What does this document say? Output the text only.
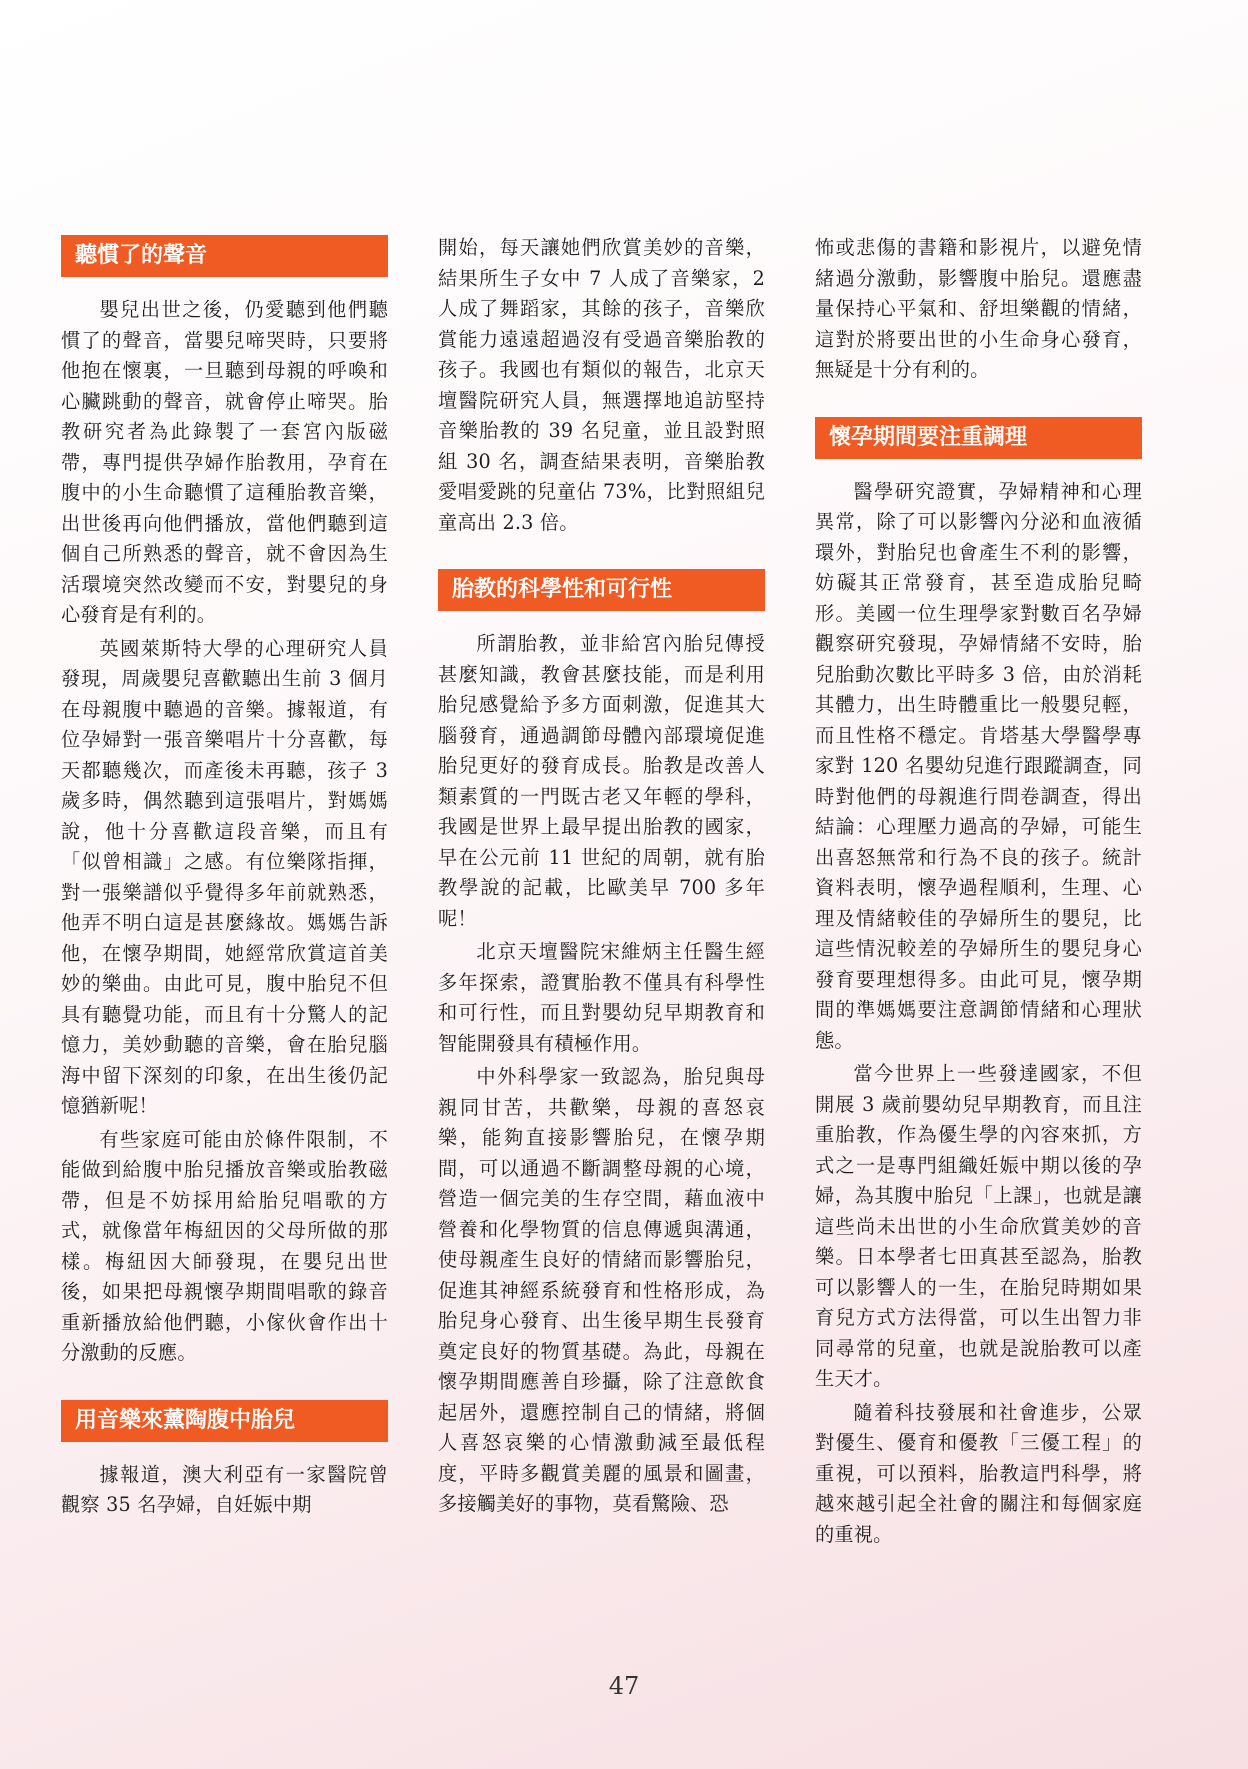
聽慣了的聲音

嬰兒出世之後，仍愛聽到他們聽慣了的聲音，當嬰兒啼哭時，只要將他抱在懷裏，一旦聽到母親的呼喚和心臟跳動的聲音，就會停止啼哭。胎教研究者為此錄製了一套宮內版磁帶，專門提供孕婦作胎教用，孕育在腹中的小生命聽慣了這種胎教音樂，出世後再向他們播放，當他們聽到這個自己所熟悉的聲音，就不會因為生活環境突然改變而不安，對嬰兒的身心發育是有利的。

英國萊斯特大學的心理研究人員發現，周歲嬰兒喜歡聽出生前 3 個月在母親腹中聽過的音樂。據報道，有位孕婦對一張音樂唱片十分喜歡，每天都聽幾次，而產後未再聽，孩子 3 歲多時，偶然聽到這張唱片，對媽媽說，他十分喜歡這段音樂，而且有「似曾相識」之感。有位樂隊指揮，對一張樂譜似乎覺得多年前就熟悉，他弄不明白這是甚麼緣故。媽媽告訴他，在懷孕期間，她經常欣賞這首美妙的樂曲。由此可見，腹中胎兒不但具有聽覺功能，而且有十分驚人的記憶力，美妙動聽的音樂，會在胎兒腦海中留下深刻的印象，在出生後仍記憶猶新呢！

有些家庭可能由於條件限制，不能做到給腹中胎兒播放音樂或胎教磁帶，但是不妨採用給胎兒唱歌的方式，就像當年梅紐因的父母所做的那樣。梅紐因大師發現，在嬰兒出世後，如果把母親懷孕期間唱歌的錄音重新播放給他們聽，小傢伙會作出十分激動的反應。

用音樂來薰陶腹中胎兒

據報道，澳大利亞有一家醫院曾觀察 35 名孕婦，自妊娠中期

開始，每天讓她們欣賞美妙的音樂，結果所生子女中 7 人成了音樂家，2 人成了舞蹈家，其餘的孩子，音樂欣賞能力遠遠超過沒有受過音樂胎教的孩子。我國也有類似的報告，北京天壇醫院研究人員，無選擇地追訪堅持音樂胎教的 39 名兒童，並且設對照組 30 名，調查結果表明，音樂胎教愛唱愛跳的兒童佔 73%，比對照組兒童高出 2.3 倍。

胎教的科學性和可行性

所謂胎教，並非給宮內胎兒傳授甚麼知識，教會甚麼技能，而是利用胎兒感覺給予多方面刺激，促進其大腦發育，通過調節母體內部環境促進胎兒更好的發育成長。胎教是改善人類素質的一門既古老又年輕的學科，我國是世界上最早提出胎教的國家，早在公元前 11 世紀的周朝，就有胎教學說的記載，比歐美早 700 多年呢！

北京天壇醫院宋維炳主任醫生經多年探索，證實胎教不僅具有科學性和可行性，而且對嬰幼兒早期教育和智能開發具有積極作用。

中外科學家一致認為，胎兒與母親同甘苦，共歡樂，母親的喜怒哀樂，能夠直接影響胎兒，在懷孕期間，可以通過不斷調整母親的心境，營造一個完美的生存空間，藉血液中營養和化學物質的信息傳遞與溝通，使母親產生良好的情緒而影響胎兒，促進其神經系統發育和性格形成，為胎兒身心發育、出生後早期生長發育奠定良好的物質基礎。為此，母親在懷孕期間應善自珍攝，除了注意飲食起居外，還應控制自己的情緒，將個人喜怒哀樂的心情激動減至最低程度，平時多觀賞美麗的風景和圖畫，多接觸美好的事物，莫看驚險、恐

怖或悲傷的書籍和影視片，以避免情緒過分激動，影響腹中胎兒。還應盡量保持心平氣和、舒坦樂觀的情緒，這對於將要出世的小生命身心發育，無疑是十分有利的。

懷孕期間要注重調理

醫學研究證實，孕婦精神和心理異常，除了可以影響內分泌和血液循環外，對胎兒也會產生不利的影響，妨礙其正常發育，甚至造成胎兒畸形。美國一位生理學家對數百名孕婦觀察研究發現，孕婦情緒不安時，胎兒胎動次數比平時多 3 倍，由於消耗其體力，出生時體重比一般嬰兒輕，而且性格不穩定。肯塔基大學醫學專家對 120 名嬰幼兒進行跟蹤調查，同時對他們的母親進行問卷調查，得出結論：心理壓力過高的孕婦，可能生出喜怒無常和行為不良的孩子。統計資料表明，懷孕過程順利，生理、心理及情緒較佳的孕婦所生的嬰兒，比這些情況較差的孕婦所生的嬰兒身心發育要理想得多。由此可見，懷孕期間的準媽媽要注意調節情緒和心理狀態。

當今世界上一些發達國家，不但開展 3 歲前嬰幼兒早期教育，而且注重胎教，作為優生學的內容來抓，方式之一是專門組織妊娠中期以後的孕婦，為其腹中胎兒「上課」，也就是讓這些尚未出世的小生命欣賞美妙的音樂。日本學者七田真甚至認為，胎教可以影響人的一生，在胎兒時期如果育兒方式方法得當，可以生出智力非同尋常的兒童，也就是說胎教可以產生天才。

隨着科技發展和社會進步，公眾對優生、優育和優教「三優工程」的重視，可以預料，胎教這門科學，將越來越引起全社會的關注和每個家庭的重視。

47
